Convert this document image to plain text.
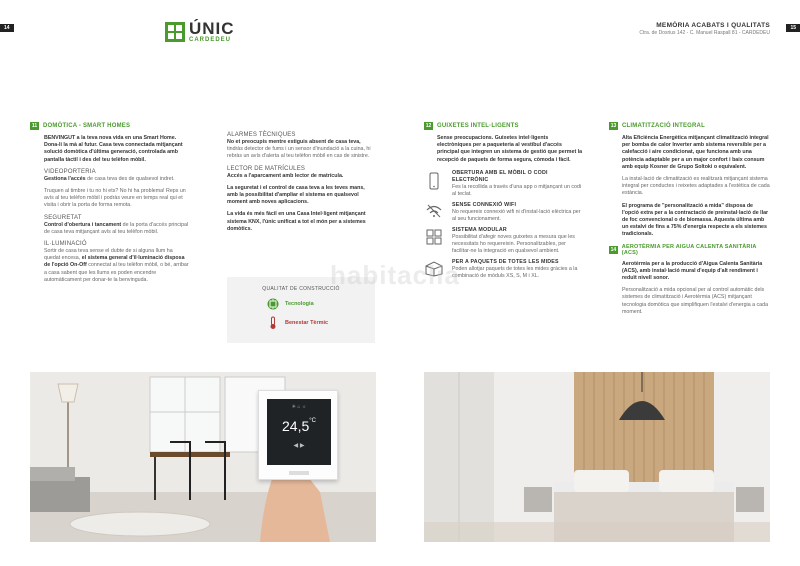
14	ÚNIC
CARDEDEU
11 DOMÒTICA - SMART HOMES
BENVINGUT a la teva nova vida en una Smart Home. Dona-li la mà al futur. Casa teva connectada mitjançant solució domòtica d'última generació, controlada amb pantalla tàctil i des del teu telèfon mòbil.
VIDEOPORTERIA
Gestiona l'accés de casa teva des de qualsevol indret.
Truquen al timbre i tu no hi ets? No hi ha problema! Reps un avís al teu telèfon mòbil i podràs veure en temps real qui et visita i obrir la porta de forma remota.
SEGURETAT
Control d'obertura i tancament de la porta d'accés principal de casa teva mitjançant avís al teu telèfon mòbil.
IL·LUMINACIÓ
Sortir de casa teva sense el dubte de si alguna llum ha quedat encesa, el sistema general d'il·luminació disposa de l'opció On-Off connectat al teu telèfon mòbil, o bé, arribar a casa sabent que les llums es poden encendre automàticament per donar-te la benvinguda.
ALARMES TÈCNIQUES
No et preocupis mentre estiguis absent de casa teva, tindràs detector de fums i un sensor d'inundació a la cuina, hi rebràs un avís d'alerta al teu telèfon mòbil en cas de sinistre.
LECTOR DE MATRÍCULES
Accés a l'aparcament amb lector de matrícula.
La seguretat i el control de casa teva a les teves mans, amb la possibilitat d'ampliar el sistema en qualsevol moment amb noves aplicacions.
La vida és més fàcil en una Casa Intel·ligent mitjançant sistema KNX, l'únic unificat a tot el món per a sistemes domòtics.
QUALITAT DE CONSTRUCCIÓ
Tecnologia
Benestar Tèrmic
✳ ⌂ ☼
$24,5^{^\circ C}$
◀ ▶
15
MEMÒRIA ACABATS I QUALITATS
Ctra. de Dosrius 142 - C. Manuel Raspall 81 - CARDEDEU
12 GUIXETES INTEL·LIGENTS
Sense preocupacions. Guixetes intel·ligents electròniques per a paqueteria al vestíbul d'accés principal que integren un sistema de gestió que permet la recepció de paquets de forma segura, còmoda i fàcil.
OBERTURA AMB EL MÒBIL O CODI ELECTRÒNIC
Fes la recollida a través d'una app o mitjançant un codi al teclat.
SENSE CONNEXIÓ WIFI
No requereix connexió wifi ni d'instal·lació elèctrica per al seu funcionament.
SISTEMA MODULAR
Possibilitat d'afegir noves guixetes a mesura que les necessitats ho requereixin. Personalitzables, per facilitar-ne la integració en qualsevol ambient.
PER A PAQUETS DE TOTES LES MIDES
Poden allotjar paquets de totes les mides gràcies a la combinació de mòduls XS, S, M i XL.
13 CLIMATITZACIÓ INTEGRAL
Alta Eficiència Energètica mitjançant climatització integral per bomba de calor Inverter amb sistema reversible per a calefacció i aire condicionat, que funciona amb una potència adaptable per a un major confort i baix consum amb equip Kosner de Grupo Soltoki o equivalent.
La instal·lació de climatització es realitzarà mitjançant sistema integral per conductes i reixetes adaptades a l'estètica de cada estància.
El programa de "personalització a mida" disposa de l'opció extra per a la contractació de preinstal·lació de llar de foc convencional o de biomassa. Aquesta última amb un estalvi de fins a 75% d'energia respecte a els sistemes tradicionals.
14 AEROTÈRMIA PER AIGUA CALENTA SANITÀRIA (ACS)
Aerotèrmia per a la producció d'Aigua Calenta Sanitària (ACS), amb instal·lació mural d'equip d'alt rendiment i reduït nivell sonor.
Personalització a mida opcional per al control automàtic dels sistemes de climatització i Aerotèrmia (ACS) mitjançant tecnologia domòtica que simplifiquen l'estalvi d'energia a cada moment.
habitaclia
